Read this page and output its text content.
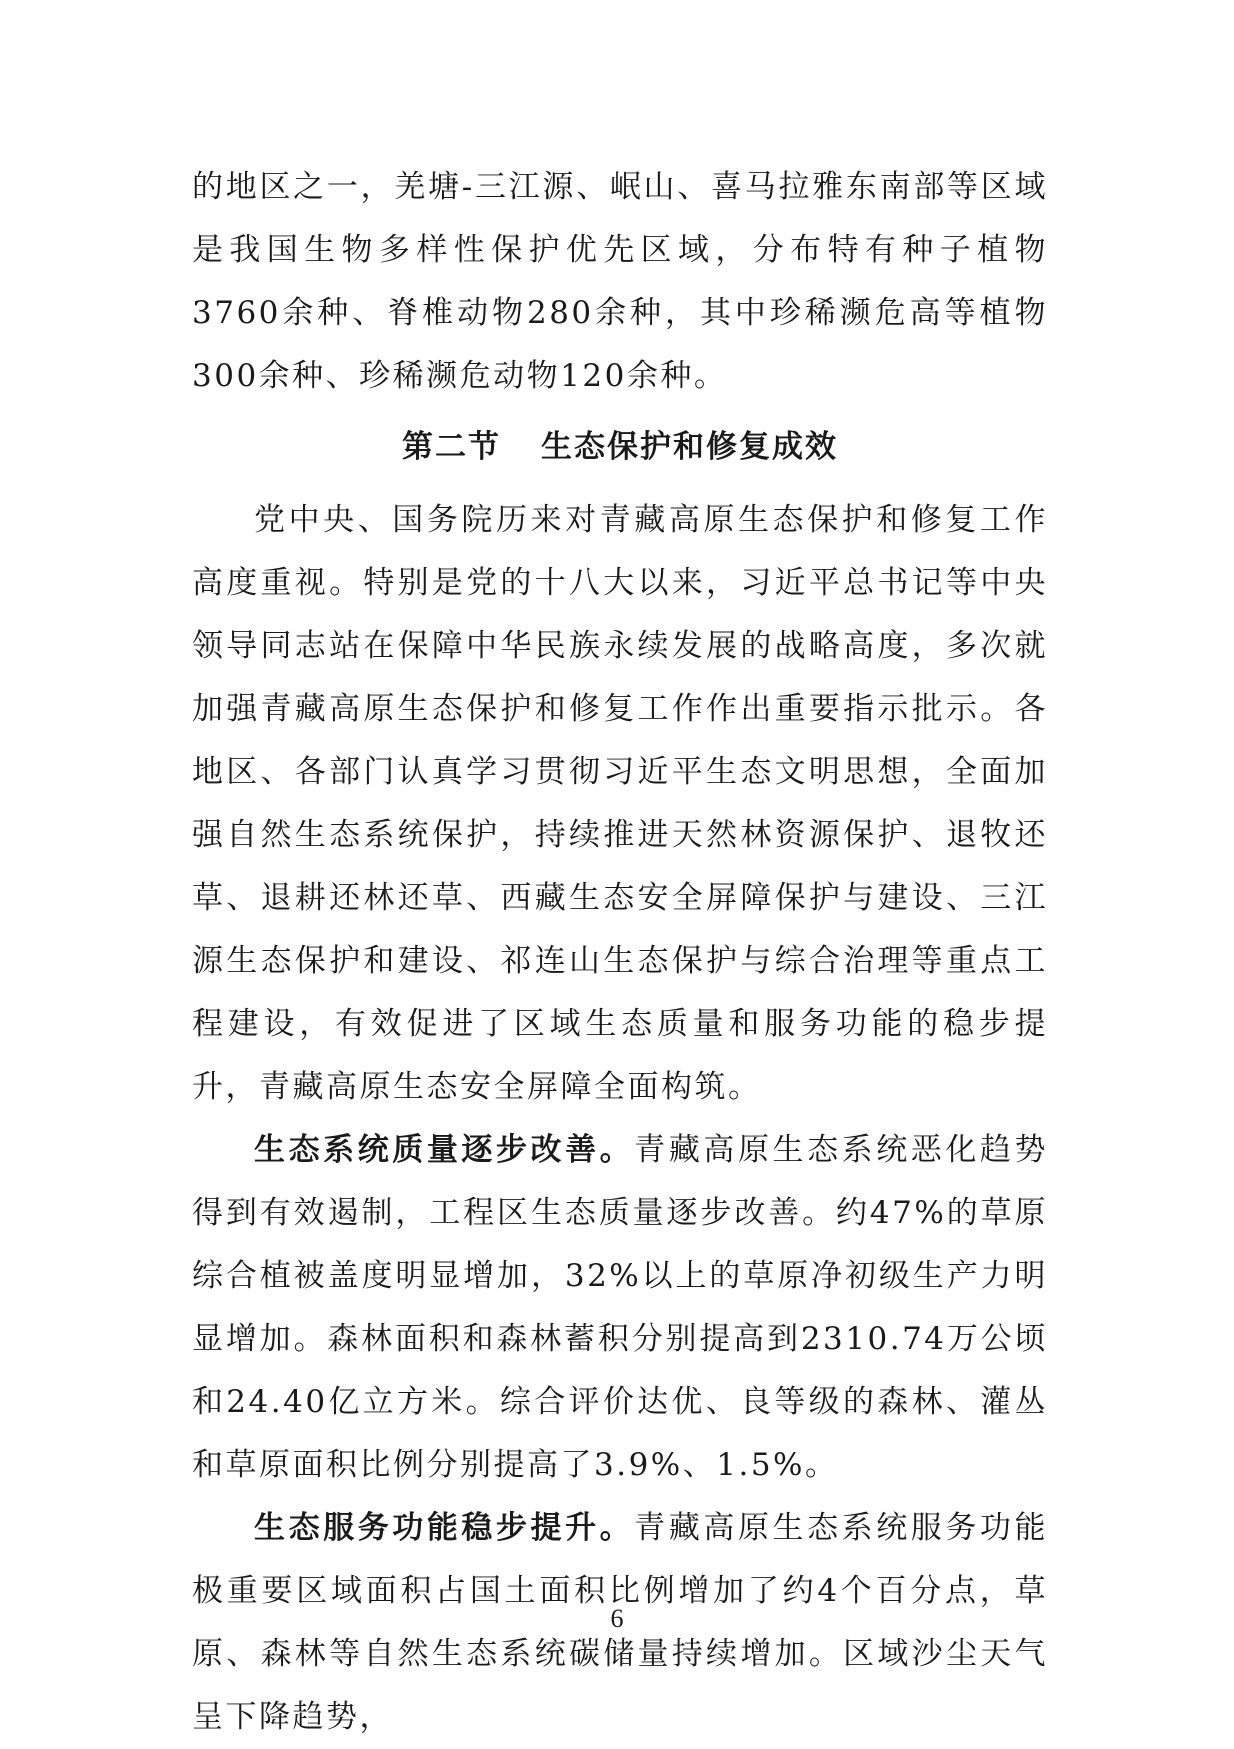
的地区之一，羌塘-三江源、岷山、喜马拉雅东南部等区域是我国生物多样性保护优先区域，分布特有种子植物3760余种、脊椎动物280余种，其中珍稀濒危高等植物300余种、珍稀濒危动物120余种。

第二节 生态保护和修复成效

党中央、国务院历来对青藏高原生态保护和修复工作高度重视。特别是党的十八大以来，习近平总书记等中央领导同志站在保障中华民族永续发展的战略高度，多次就加强青藏高原生态保护和修复工作作出重要指示批示。各地区、各部门认真学习贯彻习近平生态文明思想，全面加强自然生态系统保护，持续推进天然林资源保护、退牧还草、退耕还林还草、西藏生态安全屏障保护与建设、三江源生态保护和建设、祁连山生态保护与综合治理等重点工程建设，有效促进了区域生态质量和服务功能的稳步提升，青藏高原生态安全屏障全面构筑。

生态系统质量逐步改善。青藏高原生态系统恶化趋势得到有效遏制，工程区生态质量逐步改善。约47%的草原综合植被盖度明显增加，32%以上的草原净初级生产力明显增加。森林面积和森林蓄积分别提高到2310.74万公顷和24.40亿立方米。综合评价达优、良等级的森林、灌丛和草原面积比例分别提高了3.9%、1.5%。

生态服务功能稳步提升。青藏高原生态系统服务功能极重要区域面积占国土面积比例增加了约4个百分点，草原、森林等自然生态系统碳储量持续增加。区域沙尘天气呈下降趋势，

6
